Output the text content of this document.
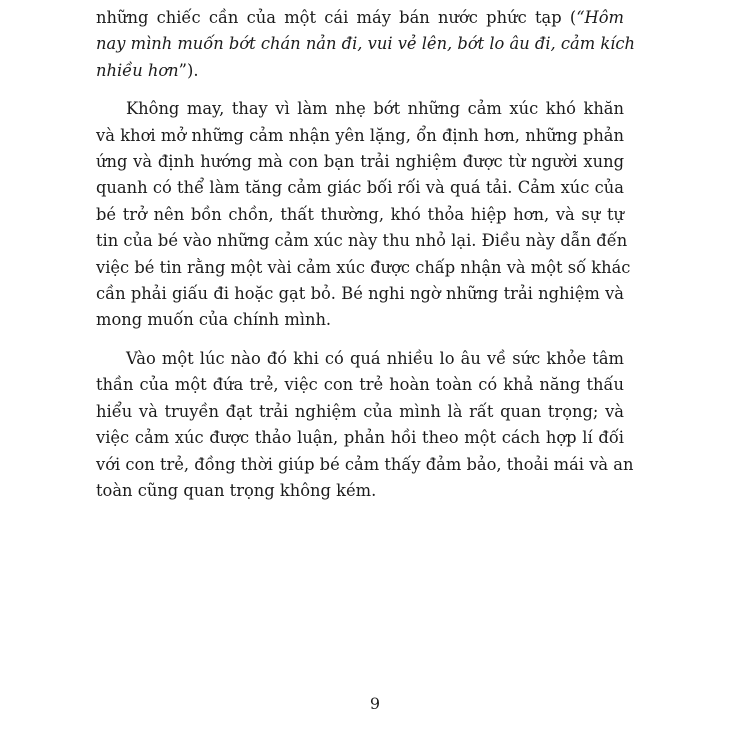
những chiếc cần của một cái máy bán nước phức tạp (“Hôm
nay mình muốn bớt chán nản đi, vui vẻ lên, bớt lo âu đi, cảm kích
nhiều hơn”).

Không may, thay vì làm nhẹ bớt những cảm xúc khó khăn
và khơi mở những cảm nhận yên lặng, ổn định hơn, những phản
ứng và định hướng mà con bạn trải nghiệm được từ người xung
quanh có thể làm tăng cảm giác bối rối và quá tải. Cảm xúc của
bé trở nên bồn chồn, thất thường, khó thỏa hiệp hơn, và sự tự
tin của bé vào những cảm xúc này thu nhỏ lại. Điều này dẫn đến
việc bé tin rằng một vài cảm xúc được chấp nhận và một số khác
cần phải giấu đi hoặc gạt bỏ. Bé nghi ngờ những trải nghiệm và
mong muốn của chính mình.

Vào một lúc nào đó khi có quá nhiều lo âu về sức khỏe tâm
thần của một đứa trẻ, việc con trẻ hoàn toàn có khả năng thấu
hiểu và truyền đạt trải nghiệm của mình là rất quan trọng; và
việc cảm xúc được thảo luận, phản hồi theo một cách hợp lí đối
với con trẻ, đồng thời giúp bé cảm thấy đảm bảo, thoải mái và an
toàn cũng quan trọng không kém.

9
